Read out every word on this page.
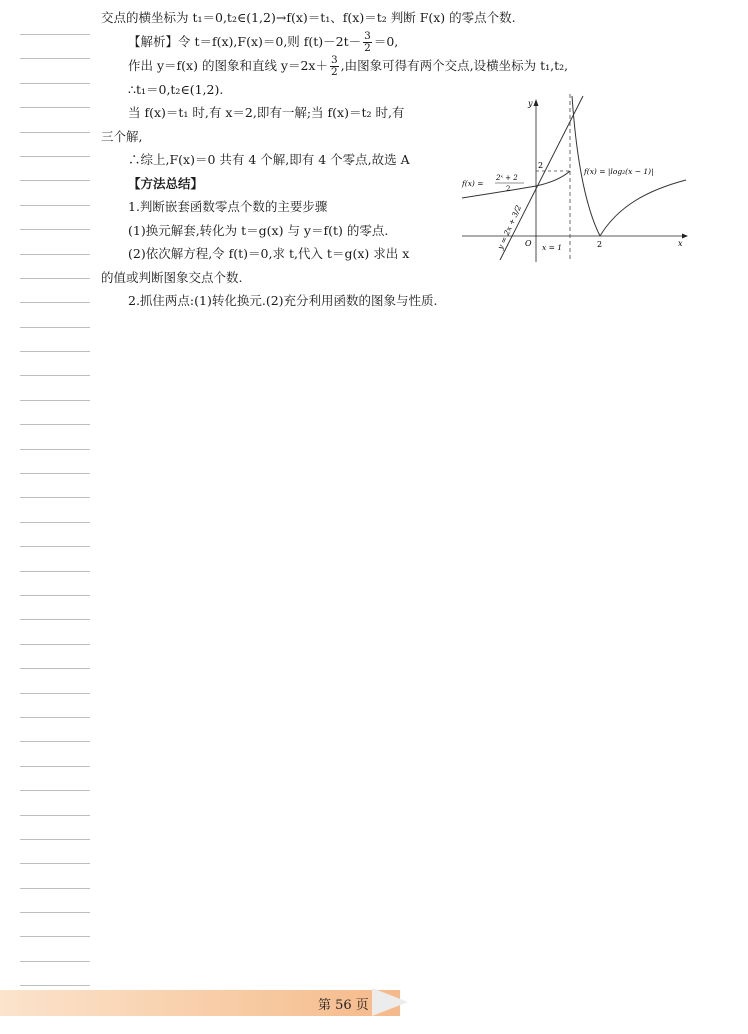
交点的横坐标为 t₁＝0,t₂∈(1,2)→f(x)＝t₁、f(x)＝t₂ 判断 F(x) 的零点个数.
【解析】令 t＝f(x),F(x)＝0,则 $f(t)-2t- \frac{3}{2} =0$,
作出 y＝f(x) 的图象和直线 $y=2x+ \frac{3}{2}$ ,由图象可得有两个交点,设横坐标为 t₁,t₂,
∴t₁＝0,t₂∈(1,2).
当 f(x)＝t₁ 时,有 x＝2,即有一解;当 f(x)＝t₂ 时,有
三个解,
∴综上,F(x)＝0 共有 4 个解,即有 4 个零点,故选 A
【方法总结】
1.判断嵌套函数零点个数的主要步骤
(1)换元解套,转化为 t＝g(x) 与 y＝f(t) 的零点.
(2)依次解方程,令 f(t)＝0,求 t,代入 t＝g(x) 求出 x
的值或判断图象交点个数.
2.抓住两点:(1)转化换元.(2)充分利用函数的图象与性质.
y
x
O	2
2
f(x) =
2ˣ + 2
2
f(x) = |log₂(x − 1)|
x = 1
y = 2x + 3/2
第 56 页
